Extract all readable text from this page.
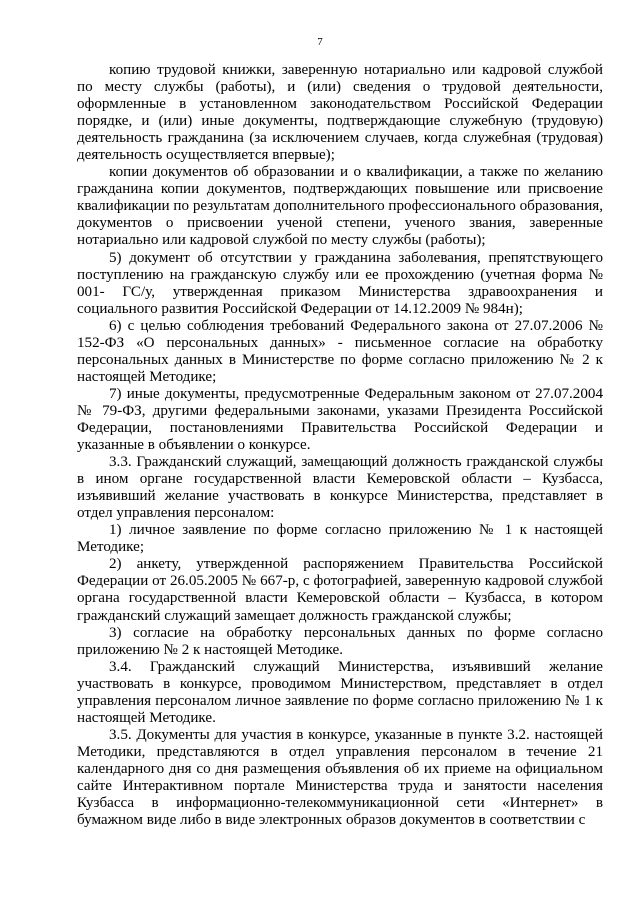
7

копию трудовой книжки, заверенную нотариально или кадровой службой по месту службы (работы), и (или) сведения о трудовой деятельности, оформленные в установленном законодательством Российской Федерации порядке, и (или) иные документы, подтверждающие служебную (трудовую) деятельность гражданина (за исключением случаев, когда служебная (трудовая) деятельность осуществляется впервые);

копии документов об образовании и о квалификации, а также по желанию гражданина копии документов, подтверждающих повышение или присвоение квалификации по результатам дополнительного профессионального образования, документов о присвоении ученой степени, ученого звания, заверенные нотариально или кадровой службой по месту службы (работы);

5) документ об отсутствии у гражданина заболевания, препятствующего поступлению на гражданскую службу или ее прохождению (учетная форма № 001- ГС/у, утвержденная приказом Министерства здравоохранения и социального развития Российской Федерации от 14.12.2009 № 984н);

6) с целью соблюдения требований Федерального закона от 27.07.2006 № 152-ФЗ «О персональных данных» - письменное согласие на обработку персональных данных в Министерстве по форме согласно приложению № 2 к настоящей Методике;

7) иные документы, предусмотренные Федеральным законом от 27.07.2004 № 79-ФЗ, другими федеральными законами, указами Президента Российской Федерации, постановлениями Правительства Российской Федерации и указанные в объявлении о конкурсе.

3.3. Гражданский служащий, замещающий должность гражданской службы в ином органе государственной власти Кемеровской области – Кузбасса, изъявивший желание участвовать в конкурсе Министерства, представляет в отдел управления персоналом:

1) личное заявление по форме согласно приложению № 1 к настоящей Методике;

2) анкету, утвержденной распоряжением Правительства Российской Федерации от 26.05.2005 № 667-р, с фотографией, заверенную кадровой службой органа государственной власти Кемеровской области – Кузбасса, в котором гражданский служащий замещает должность гражданской службы;

3) согласие на обработку персональных данных по форме согласно приложению № 2 к настоящей Методике.

3.4. Гражданский служащий Министерства, изъявивший желание участвовать в конкурсе, проводимом Министерством, представляет в отдел управления персоналом личное заявление по форме согласно приложению № 1 к настоящей Методике.

3.5. Документы для участия в конкурсе, указанные в пункте 3.2. настоящей Методики, представляются в отдел управления персоналом в течение 21 календарного дня со дня размещения объявления об их приеме на официальном сайте Интерактивном портале Министерства труда и занятости населения Кузбасса в информационно-телекоммуникационной сети «Интернет» в бумажном виде либо в виде электронных образов документов в соответствии с
